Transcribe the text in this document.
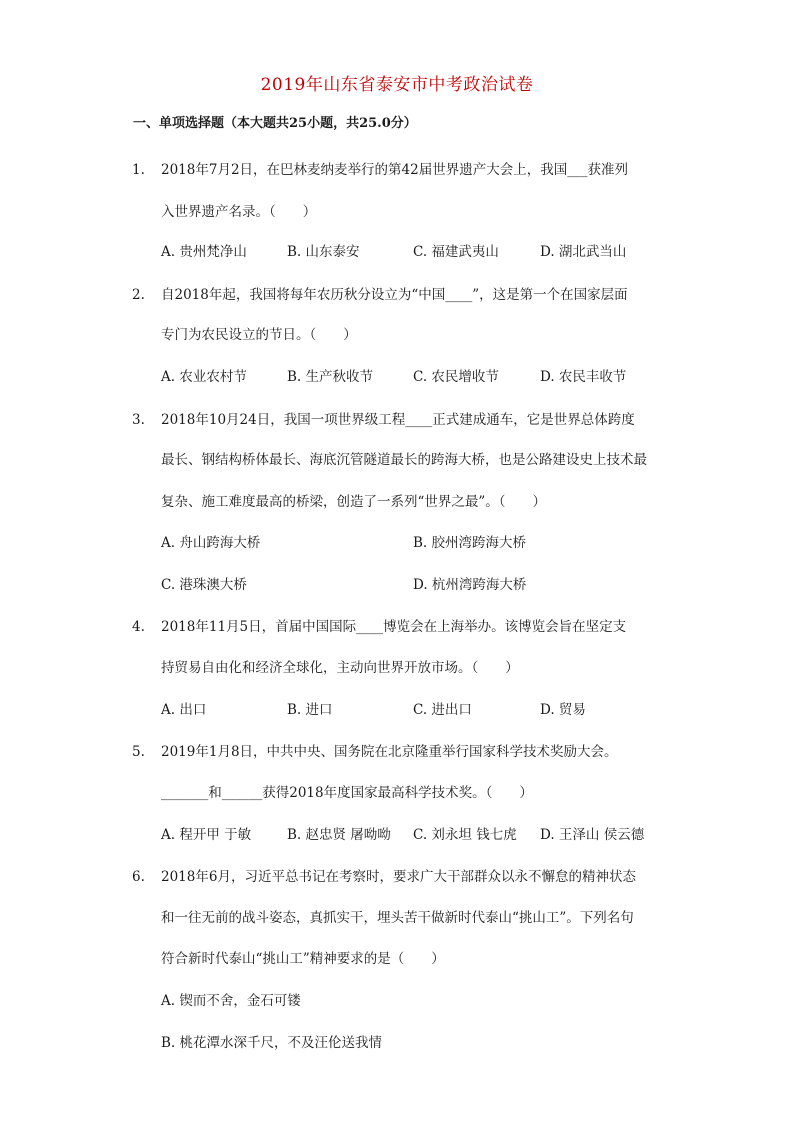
2019年山东省泰安市中考政治试卷
一、单项选择题（本大题共25小题，共25.0分）
1. 2018年7月2日，在巴林麦纳麦举行的第42届世界遗产大会上，我国___获准列
入世界遗产名录。（　　）
A. 贵州梵净山	B. 山东泰安	C. 福建武夷山	D. 湖北武当山
2. 自2018年起，我国将每年农历秋分设立为“中国____”，这是第一个在国家层面
专门为农民设立的节日。（　　）
A. 农业农村节	B. 生产秋收节	C. 农民增收节	D. 农民丰收节
3. 2018年10月24日，我国一项世界级工程____正式建成通车，它是世界总体跨度
最长、钢结构桥体最长、海底沉管隧道最长的跨海大桥，也是公路建设史上技术最
复杂、施工难度最高的桥梁，创造了一系列“世界之最”。（　　）
A. 舟山跨海大桥	B. 胶州湾跨海大桥
C. 港珠澳大桥	D. 杭州湾跨海大桥
4. 2018年11月5日，首届中国国际____博览会在上海举办。该博览会旨在坚定支
持贸易自由化和经济全球化，主动向世界开放市场。（　　）
A. 出口	B. 进口	C. 进出口	D. 贸易
5. 2019年1月8日，中共中央、国务院在北京隆重举行国家科学技术奖励大会。
_______和______获得2018年度国家最高科学技术奖。（　　）
A. 程开甲 于敏	B. 赵忠贤 屠呦呦 C. 刘永坦 钱七虎 D. 王泽山 侯云德
6. 2018年6月，习近平总书记在考察时，要求广大干部群众以永不懈怠的精神状态
和一往无前的战斗姿态，真抓实干，埋头苦干做新时代泰山“挑山工”。下列名句
符合新时代泰山“挑山工”精神要求的是（　　）
A. 锲而不舍，金石可镂
B. 桃花潭水深千尺，不及汪伦送我情
